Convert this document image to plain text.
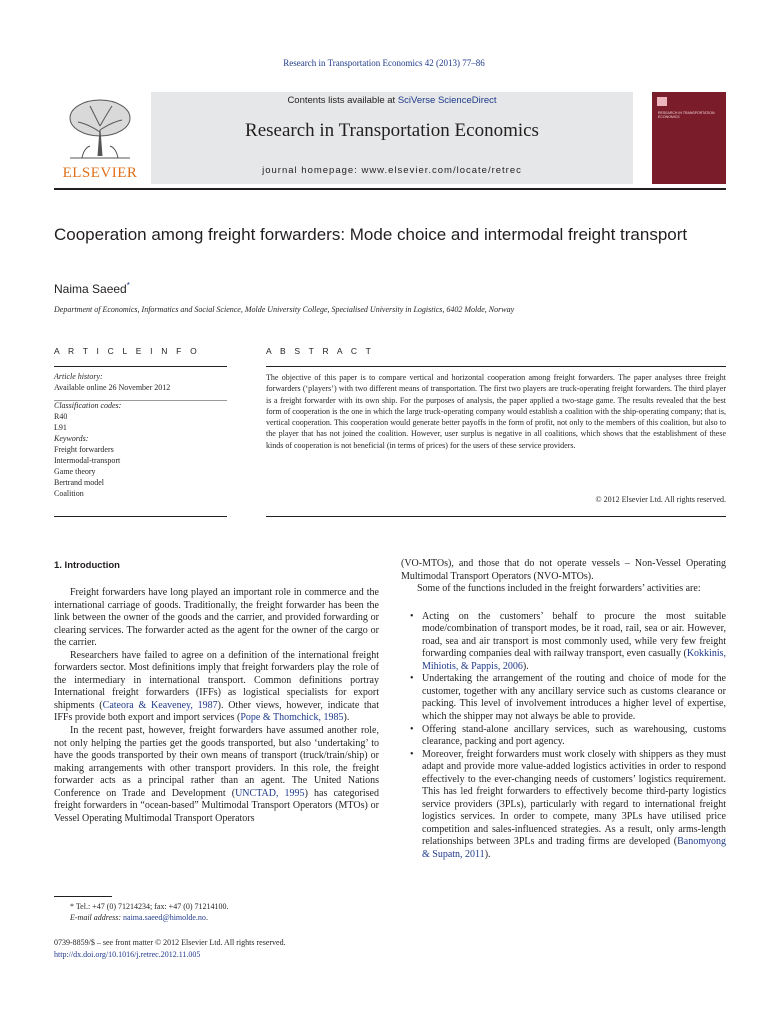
Research in Transportation Economics 42 (2013) 77–86
ELSEVIER
Contents lists available at SciVerse ScienceDirect
Research in Transportation Economics
journal homepage: www.elsevier.com/locate/retrec
RESEARCH IN TRANSPORTATION ECONOMICS
Cooperation among freight forwarders: Mode choice and intermodal freight transport
Naima Saeed*
Department of Economics, Informatics and Social Science, Molde University College, Specialised University in Logistics, 6402 Molde, Norway
A R T I C L E I N F O	A B S T R A C T
Article history:
Available online 26 November 2012
Classification codes:
R40
L91
Keywords:
Freight forwarders
Intermodal-transport
Game theory
Bertrand model
Coalition
The objective of this paper is to compare vertical and horizontal cooperation among freight forwarders. The paper analyses three freight forwarders (‘players’) with two different means of transportation. The first two players are truck-operating freight forwarders. The third player is a freight forwarder with its own ship. For the purposes of analysis, the paper applied a two-stage game. The results revealed that the best form of cooperation is the one in which the large truck-operating company would establish a coalition with the ship-operating company; that is, vertical cooperation. This cooperation would generate better payoffs in the form of profit, not only to the members of this coalition, but also to the player that has not joined the coalition. However, user surplus is negative in all coalitions, which shows that the establishment of these kinds of cooperation is not beneficial (in terms of prices) for the users of these service providers.
© 2012 Elsevier Ltd. All rights reserved.
1. Introduction

Freight forwarders have long played an important role in commerce and the international carriage of goods. Traditionally, the freight forwarder has been the link between the owner of the goods and the carrier, and provided forwarding or clearing services. The forwarder acted as the agent for the owner of the cargo or the carrier.

Researchers have failed to agree on a definition of the international freight forwarders sector. Most definitions imply that freight forwarders play the role of the intermediary in international transport. Common definitions portray International freight forwarders (IFFs) as logistical specialists for export shipments (Cateora & Keaveney, 1987). Other views, however, indicate that IFFs provide both export and import services (Pope & Thomchick, 1985).

In the recent past, however, freight forwarders have assumed another role, not only helping the parties get the goods transported, but also ‘undertaking’ to have the goods transported by their own means of transport (truck/train/ship) or making arrangements with other transport providers. In this role, the freight forwarder acts as a principal rather than an agent. The United Nations Conference on Trade and Development (UNCTAD, 1995) has categorised freight forwarders in “ocean-based” Multimodal Transport Operators (MTOs) or Vessel Operating Multimodal Transport Operators

(VO-MTOs), and those that do not operate vessels – Non-Vessel Operating Multimodal Transport Operators (NVO-MTOs).

Some of the functions included in the freight forwarders’ activities are:

• Acting on the customers’ behalf to procure the most suitable mode/combination of transport modes, be it road, rail, sea or air. However, road, sea and air transport is most commonly used, while very few freight forwarding companies deal with railway transport, even casually (Kokkinis, Mihiotis, & Pappis, 2006).
• Undertaking the arrangement of the routing and choice of mode for the customer, together with any ancillary service such as customs clearance or packing. This level of involvement introduces a higher level of expertise, which the shipper may not always be able to provide.
• Offering stand-alone ancillary services, such as warehousing, customs clearance, packing and port agency.
• Moreover, freight forwarders must work closely with shippers as they must adapt and provide more value-added logistics activities in order to respond effectively to the ever-changing needs of customers’ logistics requirement. This has led freight forwarders to effectively become third-party logistics service providers (3PLs), particularly with regard to international freight logistics services. In order to compete, many 3PLs have utilised price competition and sales-influenced strategies. As a result, only arms-length relationships between 3PLs and trading firms are developed (Banomyong & Supatn, 2011).
* Tel.: +47 (0) 71214234; fax: +47 (0) 71214100.
E-mail address: naima.saeed@himolde.no.
0739-8859/$ – see front matter © 2012 Elsevier Ltd. All rights reserved.
http://dx.doi.org/10.1016/j.retrec.2012.11.005
